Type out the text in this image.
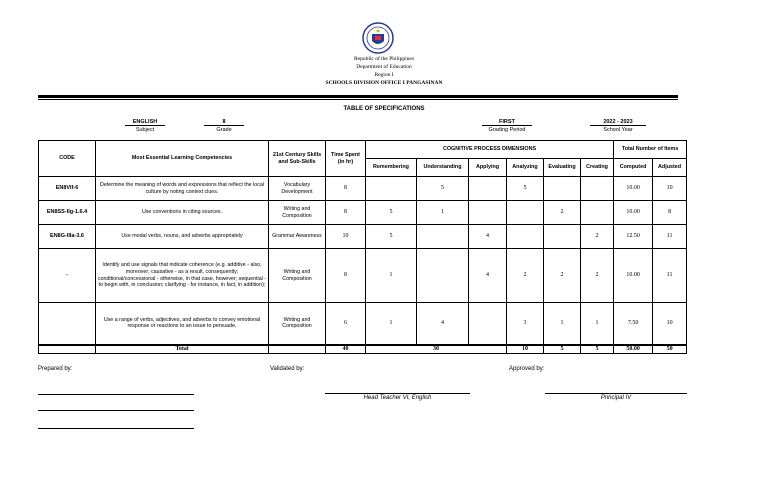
Republic of the Philippines
Department of Education
Region I
SCHOOLS DIVISION OFFICE I PANGASINAN
TABLE OF SPECIFICATIONS
ENGLISH
Subject
8
Grade
FIRST
Grading Period
2022 - 2023
School Year
CODE	Most Essential Learning Competencies	21st Century Skills and Sub-Skills	Time Spent (in hr)	COGNITIVE PROCESS DIMENSIONS						Total Number of Items	
				Remembering	Understanding	Applying	Analyzing	Evaluating	Creating	Computed	Adjusted
EN8VIf-6	Determine the meaning of words and expressions that reflect the local culture by noting context clues.	Vocabulary Development	8		5		5			10.00	10
EN8SS-IIg-1.6.4	Use conventions in citing sources.	Writing and Composition	8	5	1			2		10.00	8
EN8G-IIIa-3.6	Use modal verbs, nouns, and adverbs appropriately	Grammar Awareness	10	5		4			2	12.50	11
-	Identify and use signals that indicate coherence (e.g. additive - also, moreover; causative - as a result, consequently; conditional/concessional - otherwise, in that case, however; sequential - to begin with, in conclusion; clarifying - for instance, in fact, in addition);	Writing and Composition	8	1		4	2	2	2	10.00	11
	Use a range of verbs, adjectives, and adverbs to convey emotional response or reactions to an issue to persuade.	Writing and Composition	6	1	4		3	1	1	7.50	10
	Total		40	30			10	5	5	50.00	50
Prepared by:	Validated by:	Approved by:
Head Teacher VI, English	Principal IV
